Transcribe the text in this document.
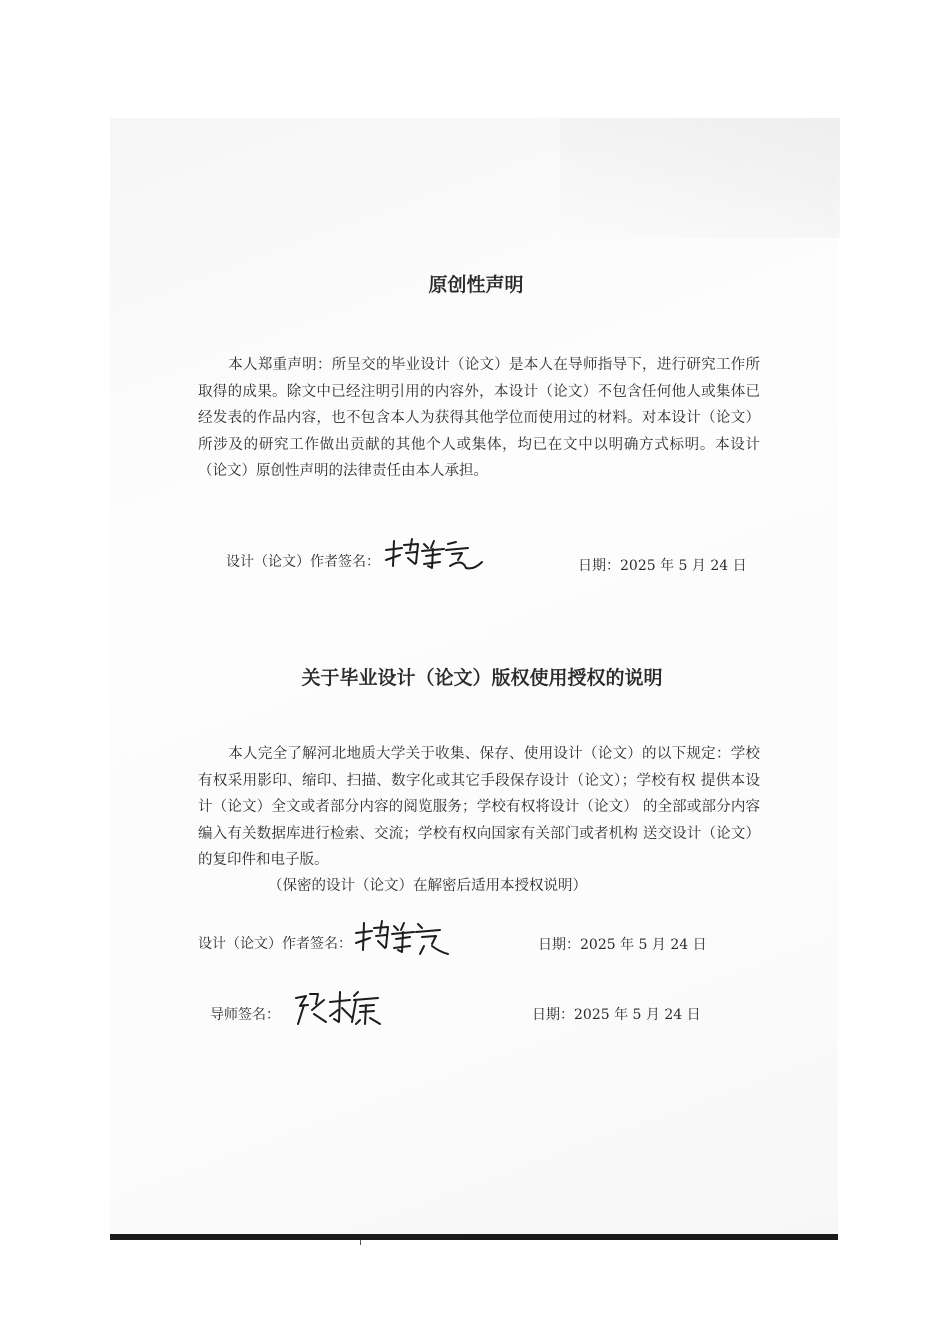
原创性声明

本人郑重声明：所呈交的毕业设计（论文）是本人在导师指导下，进行研究工作所取得的成果。除文中已经注明引用的内容外，本设计（论文）不包含任何他人或集体已经发表的作品内容，也不包含本人为获得其他学位而使用过的材料。对本设计（论文）所涉及的研究工作做出贡献的其他个人或集体，均已在文中以明确方式标明。本设计（论文）原创性声明的法律责任由本人承担。

设计（论文）作者签名：	日期：2025 年 5 月 24 日
关于毕业设计（论文）版权使用授权的说明

本人完全了解河北地质大学关于收集、保存、使用设计（论文）的以下规定：学校有权采用影印、缩印、扫描、数字化或其它手段保存设计（论文）；学校有权 提供本设计（论文）全文或者部分内容的阅览服务；学校有权将设计（论文） 的全部或部分内容编入有关数据库进行检索、交流；学校有权向国家有关部门或者机构 送交设计（论文）的复印件和电子版。

（保密的设计（论文）在解密后适用本授权说明）

设计（论文）作者签名：	日期：2025 年 5 月 24 日
导师签名：	日期：2025 年 5 月 24 日
